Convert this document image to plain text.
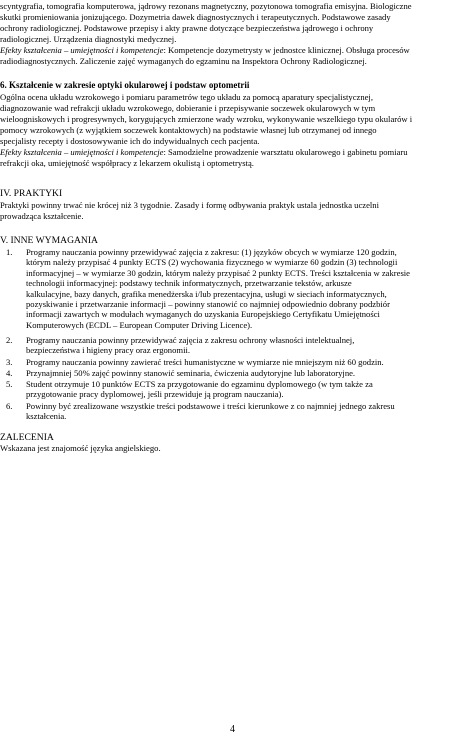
scyntygrafia, tomografia komputerowa, jądrowy rezonans magnetyczny, pozytonowa tomografia emisyjna. Biologiczne
skutki promieniowania jonizującego. Dozymetria dawek diagnostycznych i terapeutycznych. Podstawowe zasady
ochrony radiologicznej. Podstawowe przepisy i akty prawne dotyczące bezpieczeństwa jądrowego i ochrony
radiologicznej. Urządzenia diagnostyki medycznej.
Efekty kształcenia – umiejętności i kompetencje: Kompetencje dozymetrysty w jednostce klinicznej. Obsługa procesów
radiodiagnostycznych. Zaliczenie zajęć wymaganych do egzaminu na Inspektora Ochrony Radiologicznej.
6. Kształcenie w zakresie optyki okularowej i podstaw optometrii
Ogólna ocena układu wzrokowego i pomiaru parametrów tego układu za pomocą aparatury specjalistycznej,
diagnozowanie wad refrakcji układu wzrokowego, dobieranie i przepisywanie soczewek okularowych w tym
wieloogniskowych i progresywnych, korygujących zmierzone wady wzroku, wykonywanie wszelkiego typu okularów i
pomocy wzrokowych (z wyjątkiem soczewek kontaktowych) na podstawie własnej lub otrzymanej od innego
specjalisty recepty i dostosowywanie ich do indywidualnych cech pacjenta.
Efekty kształcenia – umiejętności i kompetencje: Samodzielne prowadzenie warsztatu okularowego i gabinetu pomiaru
refrakcji oka, umiejętność współpracy z lekarzem okulistą i optometrystą.
IV. PRAKTYKI
Praktyki powinny trwać nie krócej niż 3 tygodnie. Zasady i formę odbywania praktyk ustala jednostka uczelni
prowadząca kształcenie.
V. INNE WYMAGANIA
1.	Programy nauczania powinny przewidywać zajęcia z zakresu: (1) języków obcych w wymiarze 120 godzin,
którym należy przypisać 4 punkty ECTS (2) wychowania fizycznego w wymiarze 60 godzin (3) technologii
informacyjnej – w wymiarze 30 godzin, którym należy przypisać 2 punkty ECTS. Treści kształcenia w zakresie
technologii informacyjnej: podstawy technik informatycznych, przetwarzanie tekstów, arkusze
kalkulacyjne, bazy danych, grafika menedżerska i/lub prezentacyjna, usługi w sieciach informatycznych,
pozyskiwanie i przetwarzanie informacji – powinny stanowić co najmniej odpowiednio dobrany podzbiór
informacji zawartych w modułach wymaganych do uzyskania Europejskiego Certyfikatu Umiejętności
Komputerowych (ECDL – European Computer Driving Licence).
2.	Programy nauczania powinny przewidywać zajęcia z zakresu ochrony własności intelektualnej,
bezpieczeństwa i higieny pracy oraz ergonomii.
3.	Programy nauczania powinny zawierać treści humanistyczne w wymiarze nie mniejszym niż 60 godzin.
4.	Przynajmniej 50% zajęć powinny stanowić seminaria, ćwiczenia audytoryjne lub laboratoryjne.
5.	Student otrzymuje 10 punktów ECTS za przygotowanie do egzaminu dyplomowego (w tym także za
przygotowanie pracy dyplomowej, jeśli przewiduje ją program nauczania).
6.	Powinny być zrealizowane wszystkie treści podstawowe i treści kierunkowe z co najmniej jednego zakresu
kształcenia.
ZALECENIA
Wskazana jest znajomość języka angielskiego.
4
